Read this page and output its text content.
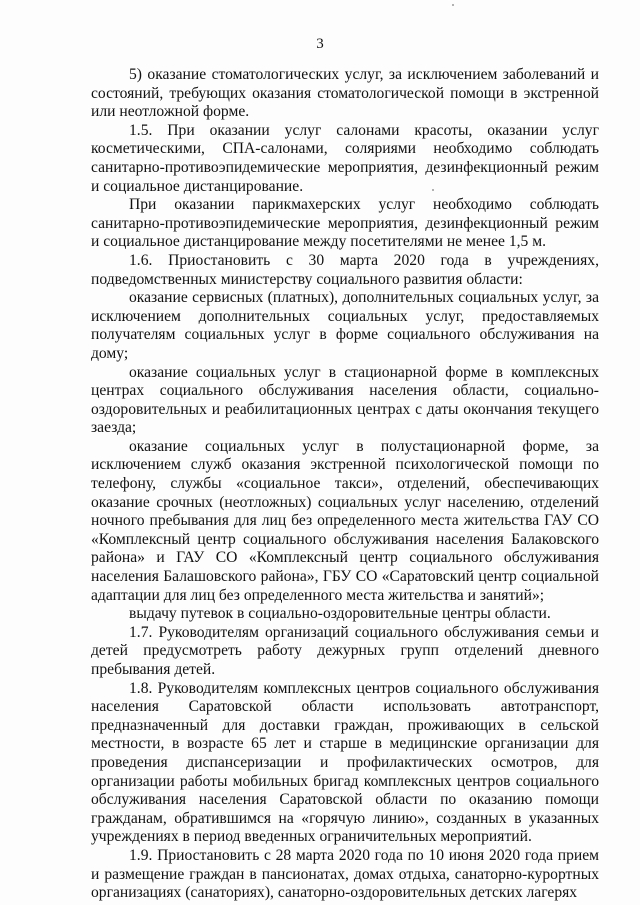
3

5) оказание стоматологических услуг, за исключением заболеваний и состояний, требующих оказания стоматологической помощи в экстренной или неотложной форме.

1.5. При оказании услуг салонами красоты, оказании услуг косметическими, СПА-салонами, соляриями необходимо соблюдать санитарно-противоэпидемические мероприятия, дезинфекционный режим и социальное дистанцирование.

При оказании парикмахерских услуг необходимо соблюдать санитарно-противоэпидемические мероприятия, дезинфекционный режим и социальное дистанцирование между посетителями не менее 1,5 м.

1.6. Приостановить с 30 марта 2020 года в учреждениях, подведомственных министерству социального развития области:

оказание сервисных (платных), дополнительных социальных услуг, за исключением дополнительных социальных услуг, предоставляемых получателям социальных услуг в форме социального обслуживания на дому;

оказание социальных услуг в стационарной форме в комплексных центрах социального обслуживания населения области, социально-оздоровительных и реабилитационных центрах с даты окончания текущего заезда;

оказание социальных услуг в полустационарной форме, за исключением служб оказания экстренной психологической помощи по телефону, службы «социальное такси», отделений, обеспечивающих оказание срочных (неотложных) социальных услуг населению, отделений ночного пребывания для лиц без определенного места жительства ГАУ СО «Комплексный центр социального обслуживания населения Балаковского района» и ГАУ СО «Комплексный центр социального обслуживания населения Балашовского района», ГБУ СО «Саратовский центр социальной адаптации для лиц без определенного места жительства и занятий»;

выдачу путевок в социально-оздоровительные центры области.

1.7. Руководителям организаций социального обслуживания семьи и детей предусмотреть работу дежурных групп отделений дневного пребывания детей.

1.8. Руководителям комплексных центров социального обслуживания населения Саратовской области использовать автотранспорт, предназначенный для доставки граждан, проживающих в сельской местности, в возрасте 65 лет и старше в медицинские организации для проведения диспансеризации и профилактических осмотров, для организации работы мобильных бригад комплексных центров социального обслуживания населения Саратовской области по оказанию помощи гражданам, обратившимся на «горячую линию», созданных в указанных учреждениях в период введенных ограничительных мероприятий.

1.9. Приостановить с 28 марта 2020 года по 10 июня 2020 года прием и размещение граждан в пансионатах, домах отдыха, санаторно-курортных организациях (санаториях), санаторно-оздоровительных детских лагерях
